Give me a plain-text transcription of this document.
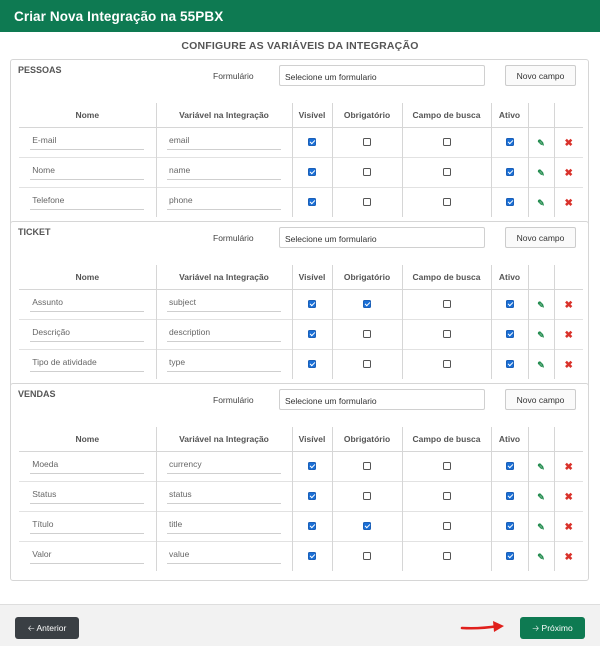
Criar Nova Integração na 55PBX
CONFIGURE AS VARIÁVEIS DA INTEGRAÇÃO
PESSOAS
Formulário	Selecione um formulario	Novo campo
Nome	Variável na Integração	Visível	Obrigatório	Campo de busca	Ativo		

E-mail	email					✎	✖

Nome	name					✎	✖

Telefone	phone					✎	✖
TICKET
Formulário	Selecione um formulario	Novo campo
Nome	Variável na Integração	Visível	Obrigatório	Campo de busca	Ativo		

Assunto	subject					✎	✖

Descrição	description					✎	✖

Tipo de atividade	type					✎	✖
VENDAS
Formulário	Selecione um formulario	Novo campo
Nome	Variável na Integração	Visível	Obrigatório	Campo de busca	Ativo		

Moeda	currency					✎	✖

Status	status					✎	✖

Título	title					✎	✖

Valor	value					✎	✖
🡠 Anterior	🡢 Próximo
